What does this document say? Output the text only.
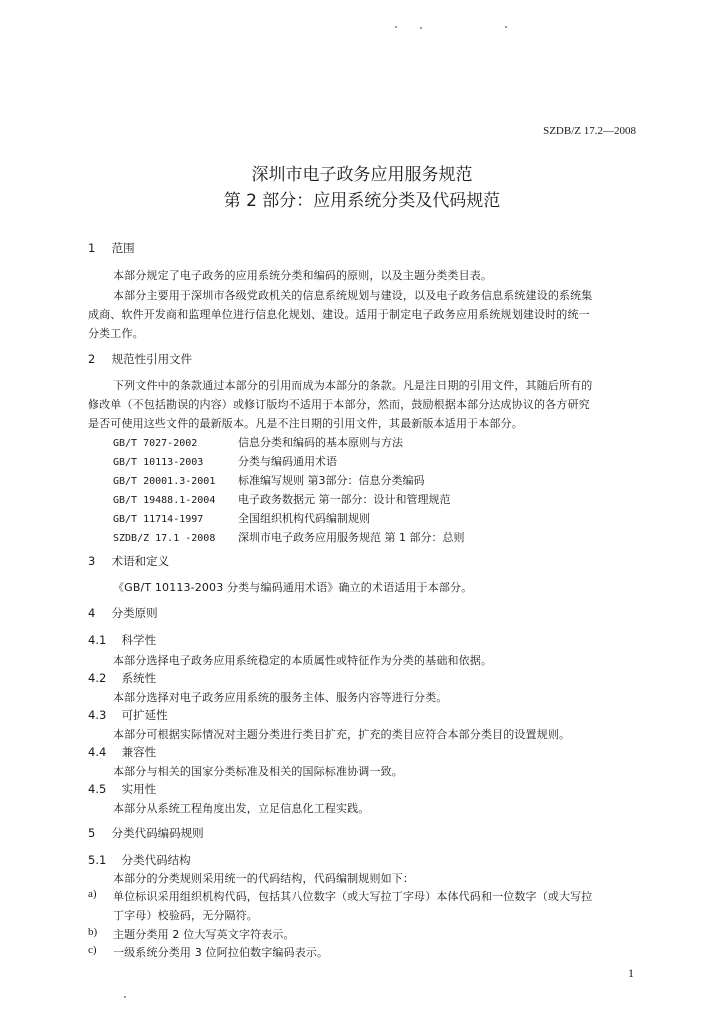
SZDB/Z 17.2—2008
深圳市电子政务应用服务规范
第 2 部分：应用系统分类及代码规范
1 范围
本部分规定了电子政务的应用系统分类和编码的原则，以及主题分类类目表。
本部分主要用于深圳市各级党政机关的信息系统规划与建设，以及电子政务信息系统建设的系统集
成商、软件开发商和监理单位进行信息化规划、建设。适用于制定电子政务应用系统规划建设时的统一
分类工作。
2 规范性引用文件
下列文件中的条款通过本部分的引用而成为本部分的条款。凡是注日期的引用文件，其随后所有的
修改单（不包括勘误的内容）或修订版均不适用于本部分，然而，鼓励根据本部分达成协议的各方研究
是否可使用这些文件的最新版本。凡是不注日期的引用文件，其最新版本适用于本部分。
GB/T 7027-2002	信息分类和编码的基本原则与方法
GB/T 10113-2003	分类与编码通用术语
GB/T 20001.3-2001 标准编写规则 第3部分：信息分类编码
GB/T 19488.1-2004 电子政务数据元 第一部分：设计和管理规范
GB/T 11714-1997	全国组织机构代码编制规则
SZDB/Z 17.1 -2008 深圳市电子政务应用服务规范 第 1 部分：总则
3 术语和定义
《GB/T 10113-2003 分类与编码通用术语》确立的术语适用于本部分。
4 分类原则
4.1 科学性
本部分选择电子政务应用系统稳定的本质属性或特征作为分类的基础和依据。
4.2 系统性
本部分选择对电子政务应用系统的服务主体、服务内容等进行分类。
4.3 可扩延性
本部分可根据实际情况对主题分类进行类目扩充，扩充的类目应符合本部分类目的设置规则。
4.4 兼容性
本部分与相关的国家分类标准及相关的国际标准协调一致。
4.5 实用性
本部分从系统工程角度出发，立足信息化工程实践。
5 分类代码编码规则
5.1 分类代码结构
本部分的分类规则采用统一的代码结构，代码编制规则如下：
a) 单位标识采用组织机构代码，包括其八位数字（或大写拉丁字母）本体代码和一位数字（或大写拉
丁字母）校验码，无分隔符。
b) 主题分类用 2 位大写英文字符表示。
c) 一级系统分类用 3 位阿拉伯数字编码表示。
1
